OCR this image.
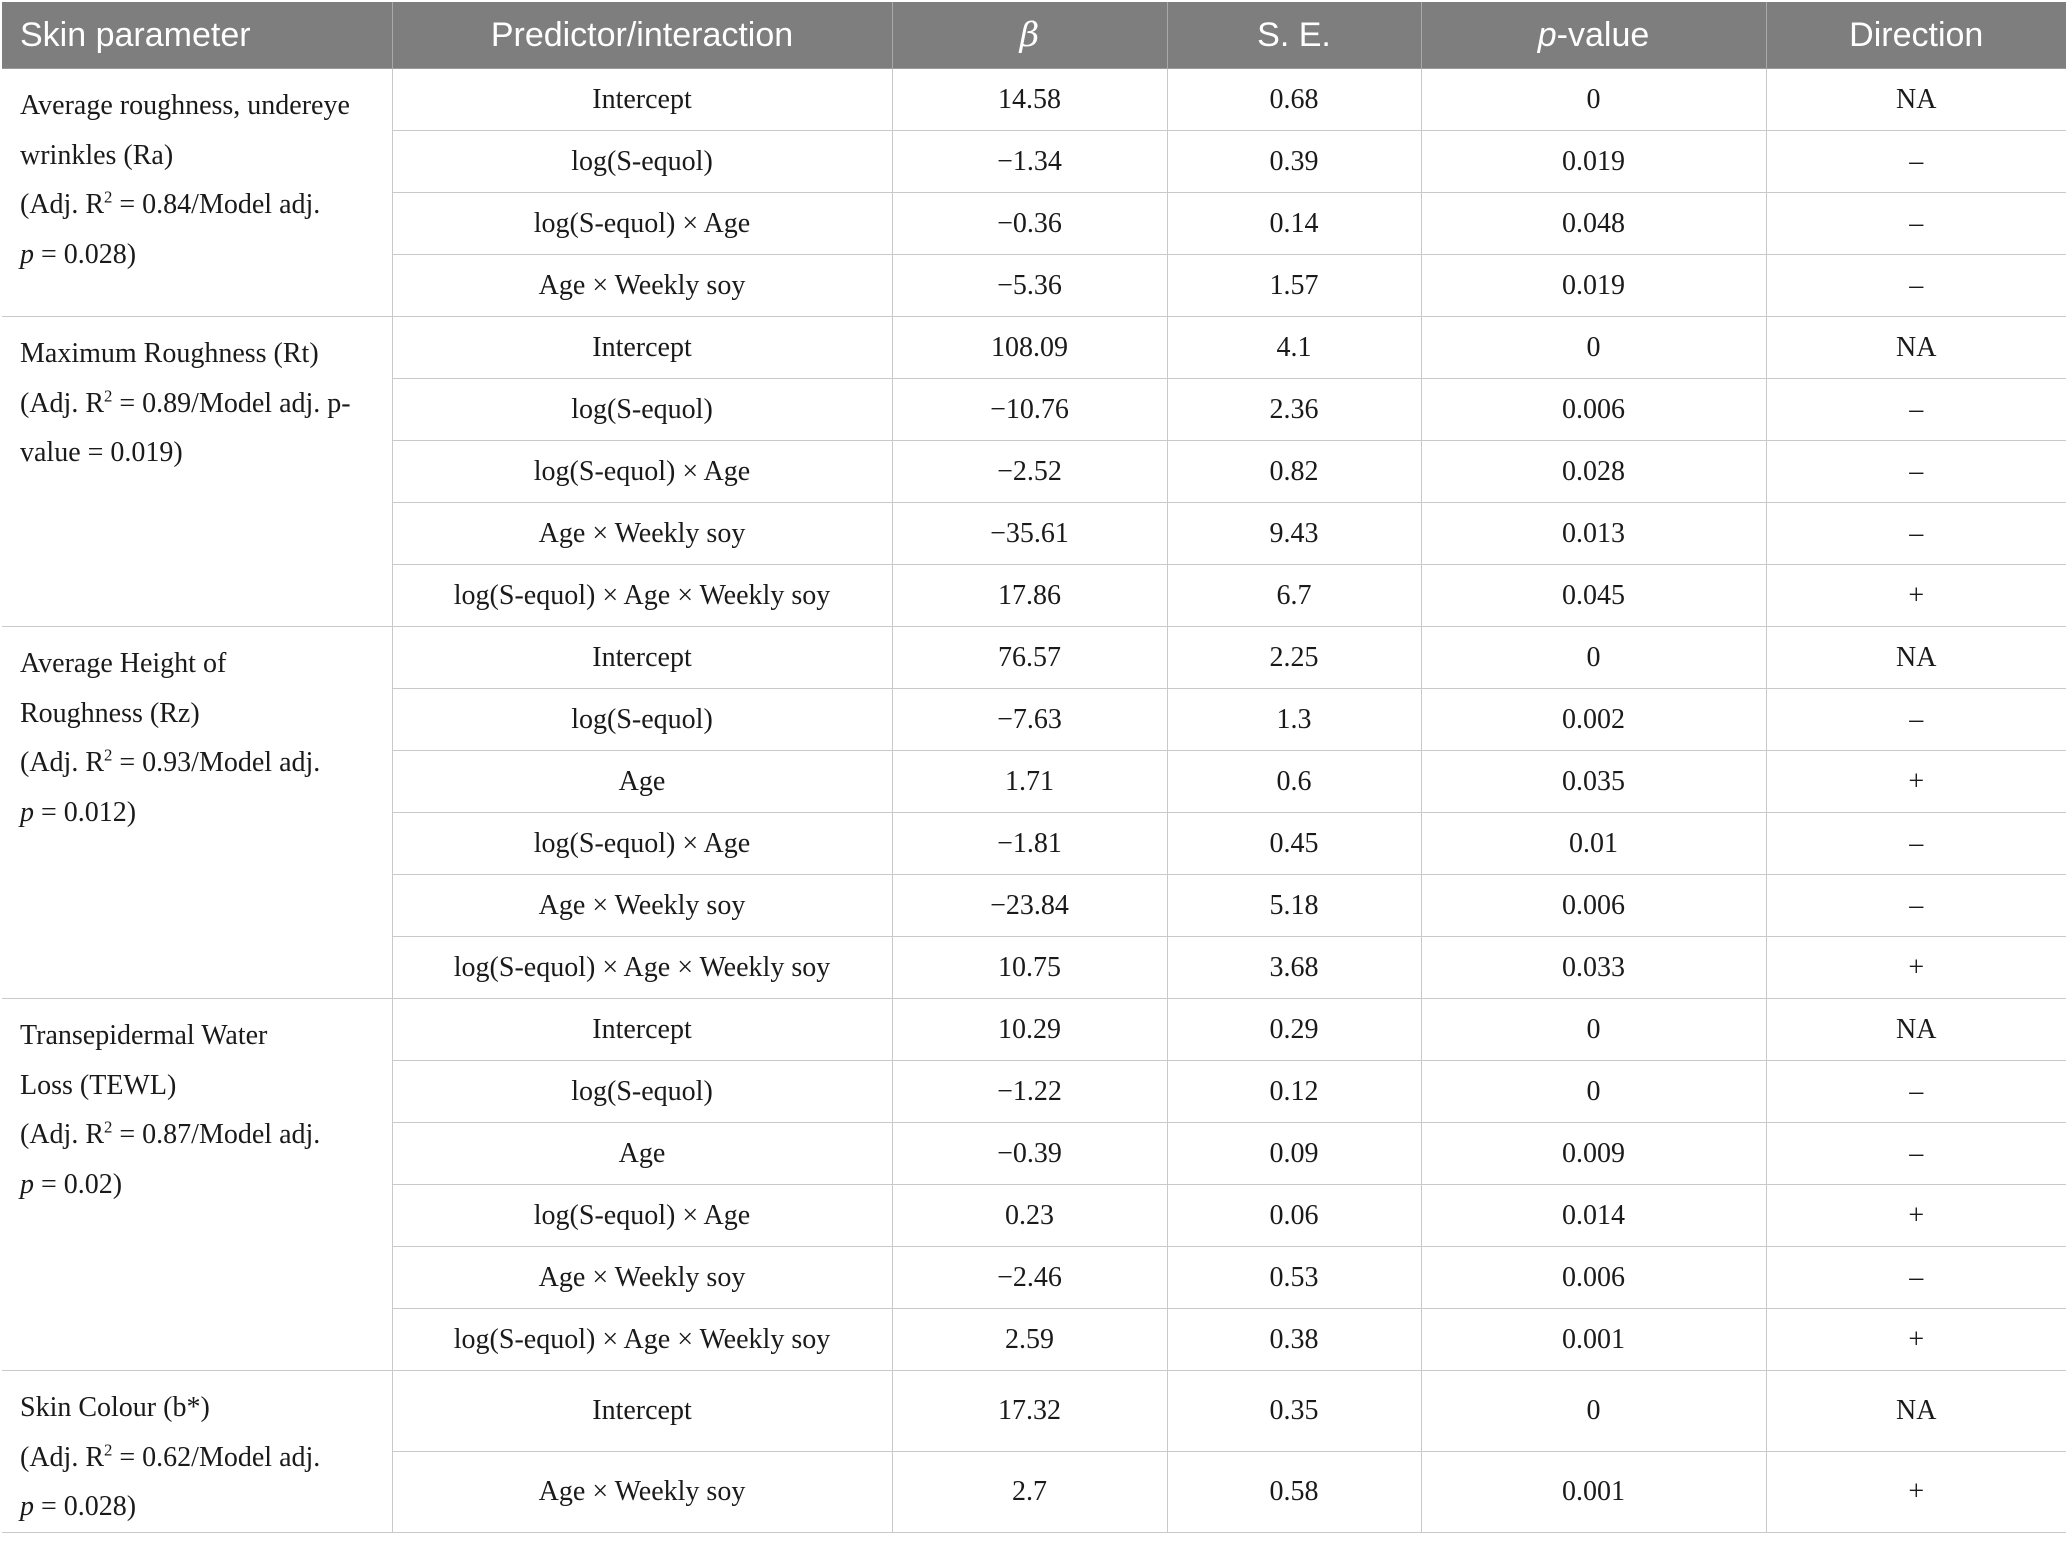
Skin parameter	Predictor/interaction	β	S. E.	p-value	Direction

Average roughness, undereye
wrinkles (Ra)
(Adj. $R^2$ = 0.84/Model adj.
p = 0.028)	Intercept	14.58	0.68	0	NA
	log(S-equol)	−1.34	0.39	0.019	–
	log(S-equol) × Age	−0.36	0.14	0.048	–
	Age × Weekly soy	−5.36	1.57	0.019	–

Maximum Roughness (Rt)
(Adj. $R^2$ = 0.89/Model adj. p-
value = 0.019)	Intercept	108.09	4.1	0	NA
	log(S-equol)	−10.76	2.36	0.006	–
	log(S-equol) × Age	−2.52	0.82	0.028	–
	Age × Weekly soy	−35.61	9.43	0.013	–
	log(S-equol) × Age × Weekly soy	17.86	6.7	0.045	+

Average Height of
Roughness (Rz)
(Adj. $R^2$ = 0.93/Model adj.
p = 0.012)	Intercept	76.57	2.25	0	NA
	log(S-equol)	−7.63	1.3	0.002	–
	Age	1.71	0.6	0.035	+
	log(S-equol) × Age	−1.81	0.45	0.01	–
	Age × Weekly soy	−23.84	5.18	0.006	–
	log(S-equol) × Age × Weekly soy	10.75	3.68	0.033	+

Transepidermal Water
Loss (TEWL)
(Adj. $R^2$ = 0.87/Model adj.
p = 0.02)	Intercept	10.29	0.29	0	NA
	log(S-equol)	−1.22	0.12	0	–
	Age	−0.39	0.09	0.009	–
	log(S-equol) × Age	0.23	0.06	0.014	+
	Age × Weekly soy	−2.46	0.53	0.006	–
	log(S-equol) × Age × Weekly soy	2.59	0.38	0.001	+

Skin Colour (b*)
(Adj. $R^2$ = 0.62/Model adj.
p = 0.028)	Intercept	17.32	0.35	0	NA
	Age × Weekly soy	2.7	0.58	0.001	+
